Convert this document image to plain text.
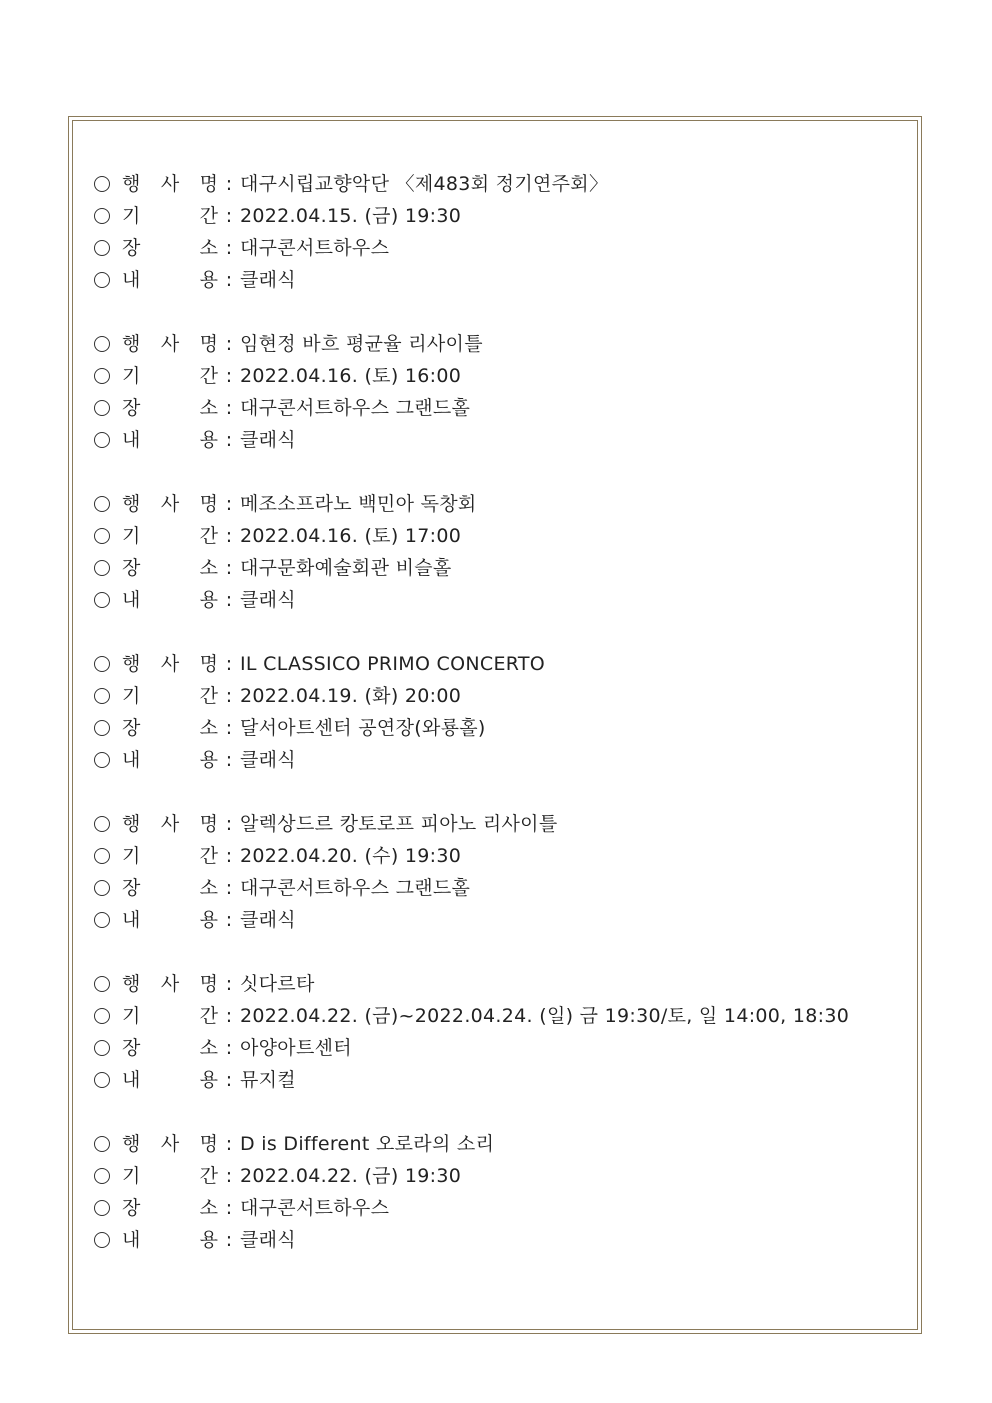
행 사 명 : 대구시립교향악단 〈제483회 정기연주회〉
기	간 : 2022.04.15. (금) 19:30
장	소 : 대구콘서트하우스
내	용 : 클래식
행 사 명 : 임현정 바흐 평균율 리사이틀
기	간 : 2022.04.16. (토) 16:00
장	소 : 대구콘서트하우스 그랜드홀
내	용 : 클래식
행 사 명 : 메조소프라노 백민아 독창회
기	간 : 2022.04.16. (토) 17:00
장	소 : 대구문화예술회관 비슬홀
내	용 : 클래식
행 사 명 : IL CLASSICO PRIMO CONCERTO
기	간 : 2022.04.19. (화) 20:00
장	소 : 달서아트센터 공연장(와룡홀)
내	용 : 클래식
행 사 명 : 알렉상드르 캉토로프 피아노 리사이틀
기	간 : 2022.04.20. (수) 19:30
장	소 : 대구콘서트하우스 그랜드홀
내	용 : 클래식
행 사 명 : 싯다르타
기	간 : 2022.04.22. (금)~2022.04.24. (일) 금 19:30/토, 일 14:00, 18:30
장	소 : 아양아트센터
내	용 : 뮤지컬
행 사 명 : D is Different 오로라의 소리
기	간 : 2022.04.22. (금) 19:30
장	소 : 대구콘서트하우스
내	용 : 클래식
